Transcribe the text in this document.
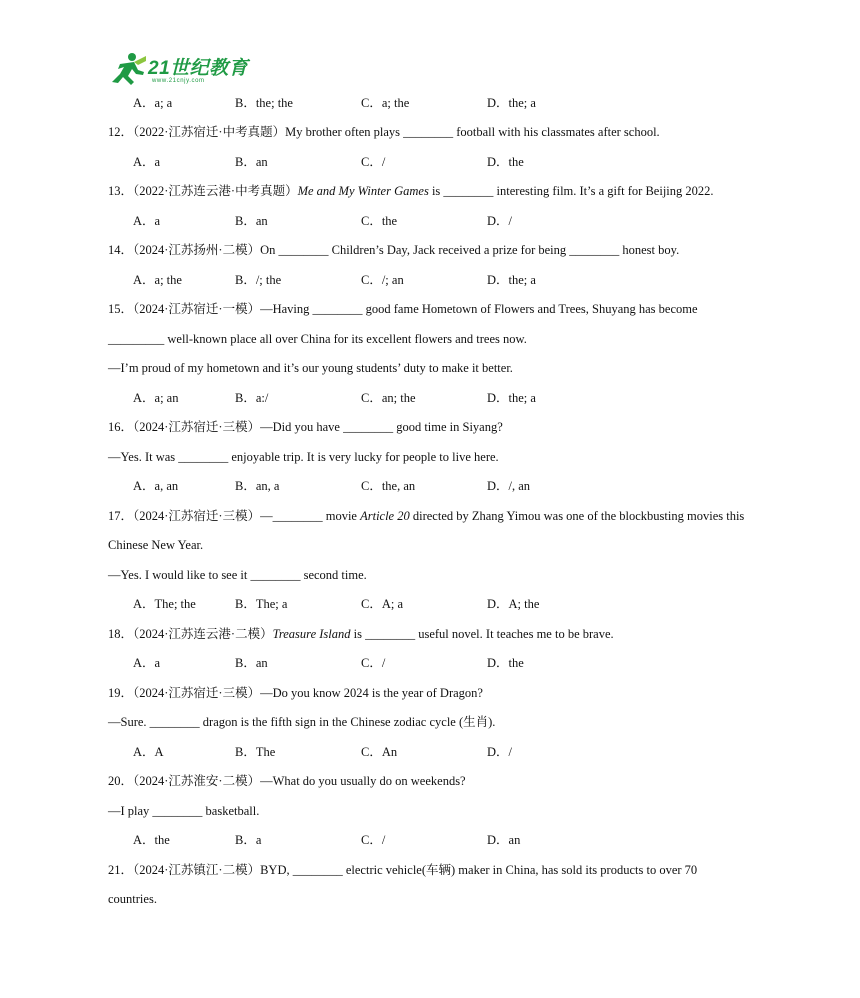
21世纪教育
www.21cnjy.com
A．a; a	B．the; the	C．a; the	D．the; a
12．（2022·江苏宿迁·中考真题）My brother often plays ________ football with his classmates after school.
A．a	B．an	C．/	D．the
13．（2022·江苏连云港·中考真题）Me and My Winter Games is ________ interesting film. It’s a gift for Beijing 2022.
A．a	B．an	C．the	D．/
14．（2024·江苏扬州·二模）On ________ Children’s Day, Jack received a prize for being ________ honest boy.
A．a; the	B．/; the	C．/; an	D．the; a
15．（2024·江苏宿迁·一模）—Having ________ good fame Hometown of Flowers and Trees, Shuyang has become
_________ well-known place all over China for its excellent flowers and trees now.
—I’m proud of my hometown and it’s our young students’ duty to make it better.
A．a; an	B．a:/	C．an; the	D．the; a
16．（2024·江苏宿迁·三模）—Did you have ________ good time in Siyang?
—Yes. It was ________ enjoyable trip. It is very lucky for people to live here.
A．a, an	B．an, a	C．the, an	D．/, an
17．（2024·江苏宿迁·三模）—________ movie Article 20 directed by Zhang Yimou was one of the blockbusting movies this
Chinese New Year.
—Yes. I would like to see it ________ second time.
A．The; the	B．The; a	C．A; a	D．A; the
18．（2024·江苏连云港·二模）Treasure Island is ________ useful novel. It teaches me to be brave.
A．a	B．an	C．/	D．the
19．（2024·江苏宿迁·三模）—Do you know 2024 is the year of Dragon?
—Sure. ________ dragon is the fifth sign in the Chinese zodiac cycle (生肖).
A．A	B．The	C．An	D．/
20．（2024·江苏淮安·二模）—What do you usually do on weekends?
—I play ________ basketball.
A．the	B．a	C．/	D．an
21．（2024·江苏镇江·二模）BYD, ________ electric vehicle(车辆) maker in China, has sold its products to over 70
countries.
